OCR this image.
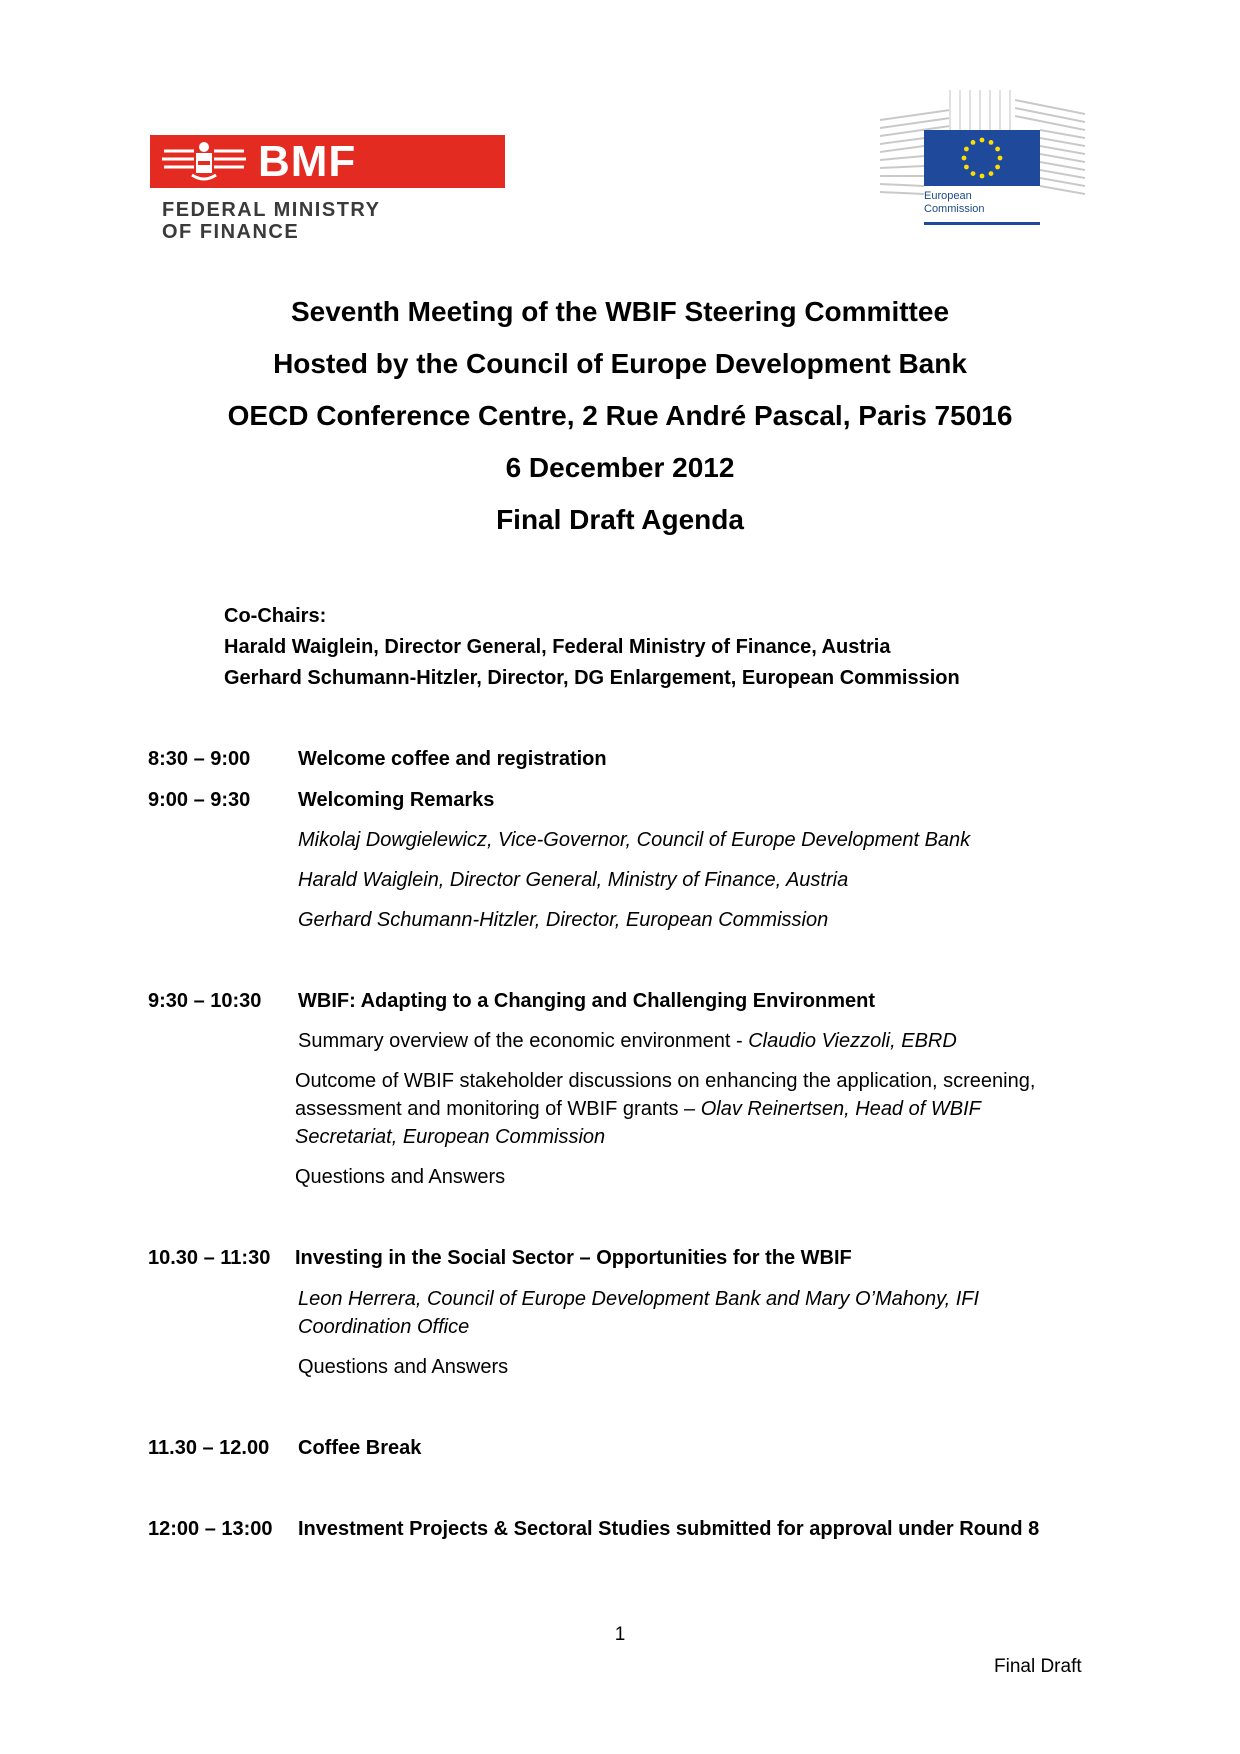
BMF
FEDERAL MINISTRY
OF FINANCE
European
Commission
Seventh Meeting of the WBIF Steering Committee
Hosted by the Council of Europe Development Bank
OECD Conference Centre, 2 Rue André Pascal, Paris 75016
6 December 2012
Final Draft Agenda
Co-Chairs:
Harald Waiglein, Director General, Federal Ministry of Finance, Austria
Gerhard Schumann-Hitzler, Director, DG Enlargement, European Commission
8:30 – 9:00 Welcome coffee and registration
9:00 – 9:30 Welcoming Remarks
Mikolaj Dowgielewicz, Vice-Governor, Council of Europe Development Bank
Harald Waiglein, Director General, Ministry of Finance, Austria
Gerhard Schumann-Hitzler, Director, European Commission
9:30 – 10:30 WBIF: Adapting to a Changing and Challenging Environment
Summary overview of the economic environment - Claudio Viezzoli, EBRD
Outcome of WBIF stakeholder discussions on enhancing the application, screening,
assessment and monitoring of WBIF grants – Olav Reinertsen, Head of WBIF
Secretariat, European Commission
Questions and Answers
10.30 – 11:30 Investing in the Social Sector – Opportunities for the WBIF
Leon Herrera, Council of Europe Development Bank and Mary O’Mahony, IFI
Coordination Office
Questions and Answers
11.30 – 12.00 Coffee Break
12:00 – 13:00 Investment Projects & Sectoral Studies submitted for approval under Round 8
1
Final Draft
